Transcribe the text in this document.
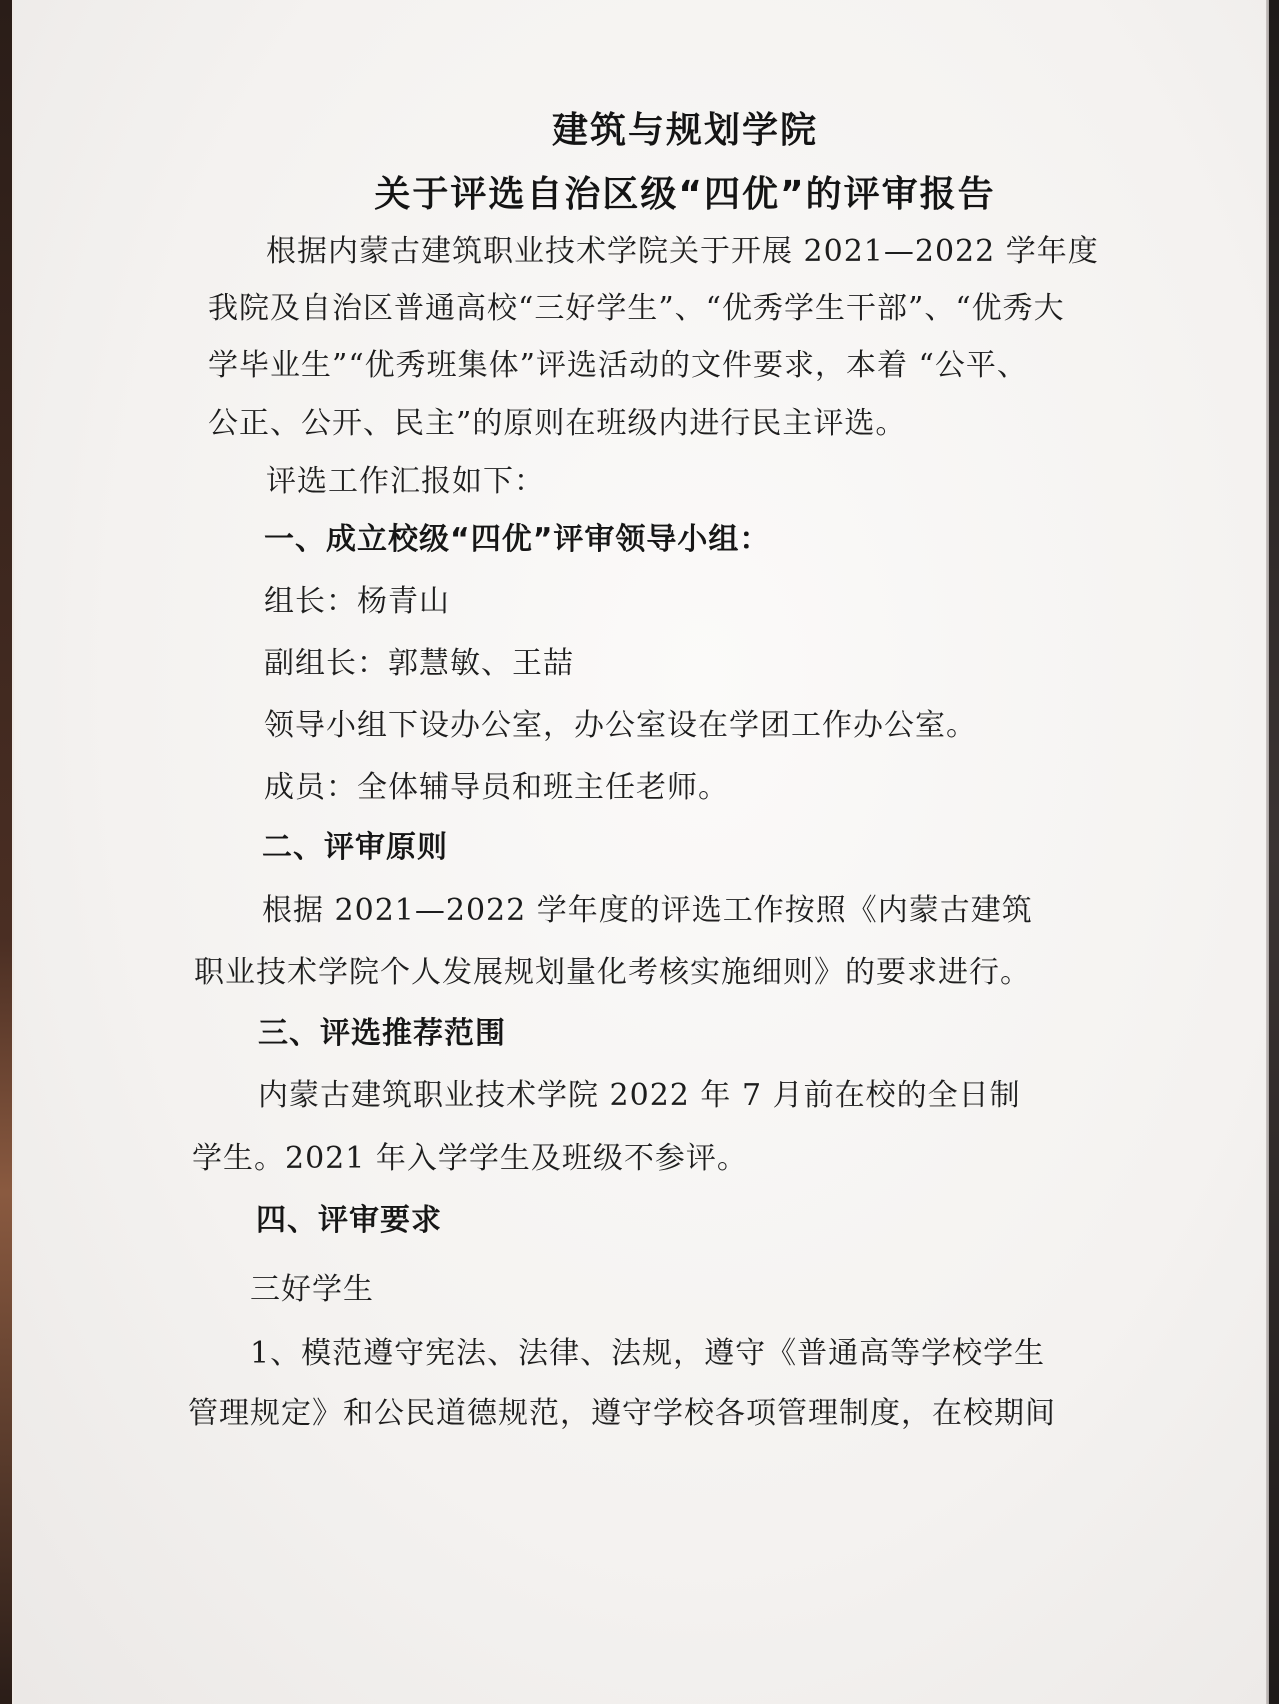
建筑与规划学院
关于评选自治区级“四优”的评审报告
根据内蒙古建筑职业技术学院关于开展 2021—2022 学年度
我院及自治区普通高校“三好学生”、“优秀学生干部”、“优秀大
学毕业生”“优秀班集体”评选活动的文件要求，本着 “公平、
公正、公开、民主”的原则在班级内进行民主评选。
评选工作汇报如下：
一、成立校级“四优”评审领导小组：
组长：杨青山
副组长：郭慧敏、王喆
领导小组下设办公室，办公室设在学团工作办公室。
成员：全体辅导员和班主任老师。
二、评审原则
根据 2021—2022 学年度的评选工作按照《内蒙古建筑
职业技术学院个人发展规划量化考核实施细则》的要求进行。
三、评选推荐范围
内蒙古建筑职业技术学院 2022 年 7 月前在校的全日制
学生。2021 年入学学生及班级不参评。
四、评审要求
三好学生
1、模范遵守宪法、法律、法规，遵守《普通高等学校学生
管理规定》和公民道德规范，遵守学校各项管理制度，在校期间
